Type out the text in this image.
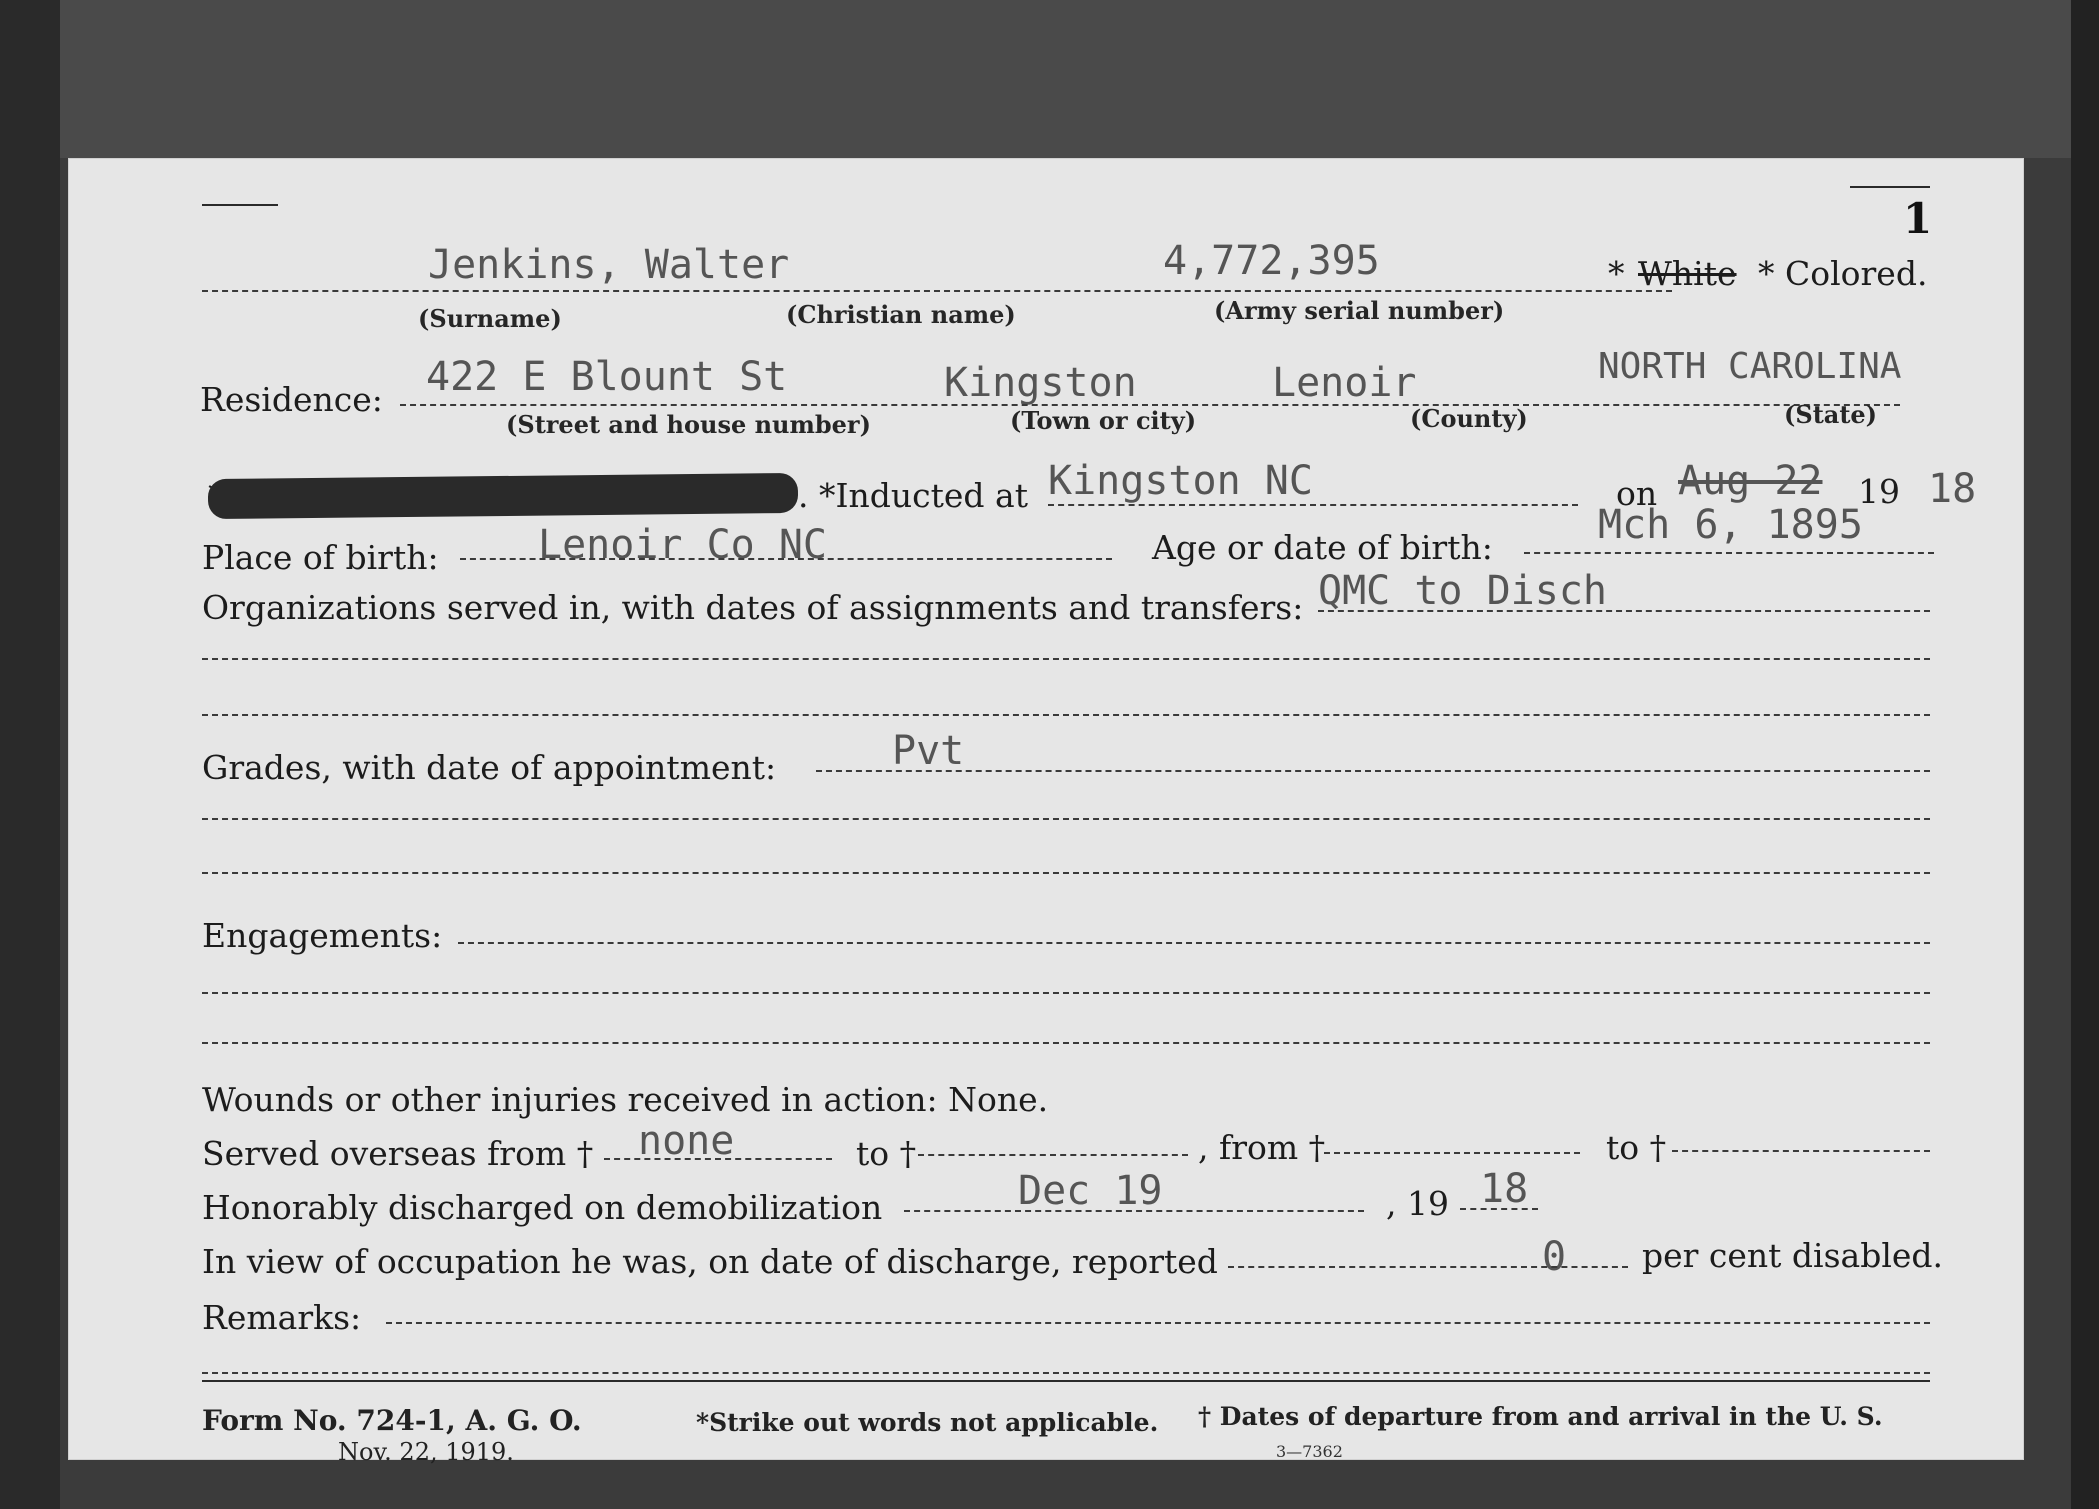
1
Jenkins, Walter	4,772,395	* White * Colored.
(Surname)	(Christian name)	(Army serial number)
Residence: 422 E Blount St	Kingston	Lenoir	NORTH CAROLINA
(Street and house number)	(Town or city)	(County)	(State)
. *Inducted at Kingston NC	on Aug 22 19 18
Place of birth: Lenoir Co NC	Age or date of birth:	Mch 6, 1895
Organizations served in, with dates of assignments and transfers: QMC to Disch
Grades, with date of appointment:	Pvt
Engagements:
Wounds or other injuries received in action: None.
Served overseas from † none	to †	, from †	to †
Honorably discharged on demobilization	Dec 19	, 19 18
In view of occupation he was, on date of discharge, reported	0 per cent disabled.
Remarks:
Form No. 724-1, A. G. O.
Nov. 22, 1919.
*Strike out words not applicable. † Dates of departure from and arrival in the U. S.
3—7362
